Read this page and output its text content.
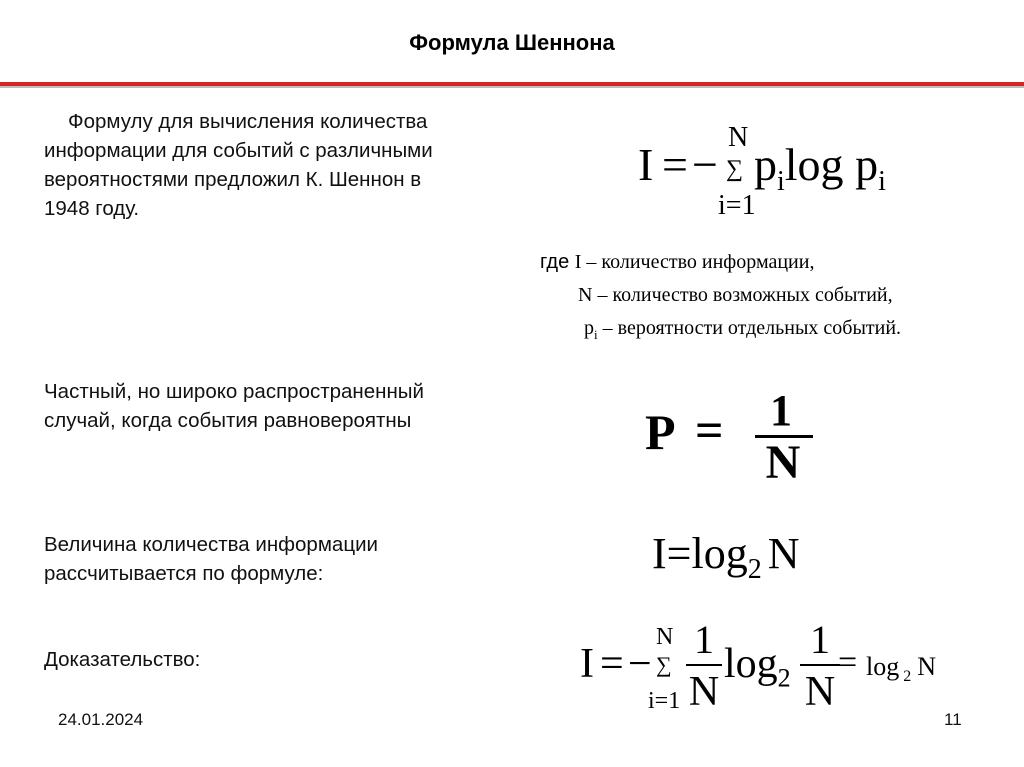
Формула Шеннона
Формулу для вычисления количества
информации для событий с различными
вероятностями предложил К. Шеннон в
1948 году.
I = −
N
∑
i=1
$p_i\log$ $p_i$
где I – количество информации,
N – количество возможных событий,
$p_i$ – вероятности отдельных событий.
Частный, но широко распространенный
случай, когда события равновероятны	P = 1
N
Величина количества информации
рассчитывается по формуле:	$I=\log_2$ N
Доказательство:	I = −
N
∑
i=1
1
N
$\log_2$
1
N
= log $_2$ N
24.01.2024	11
